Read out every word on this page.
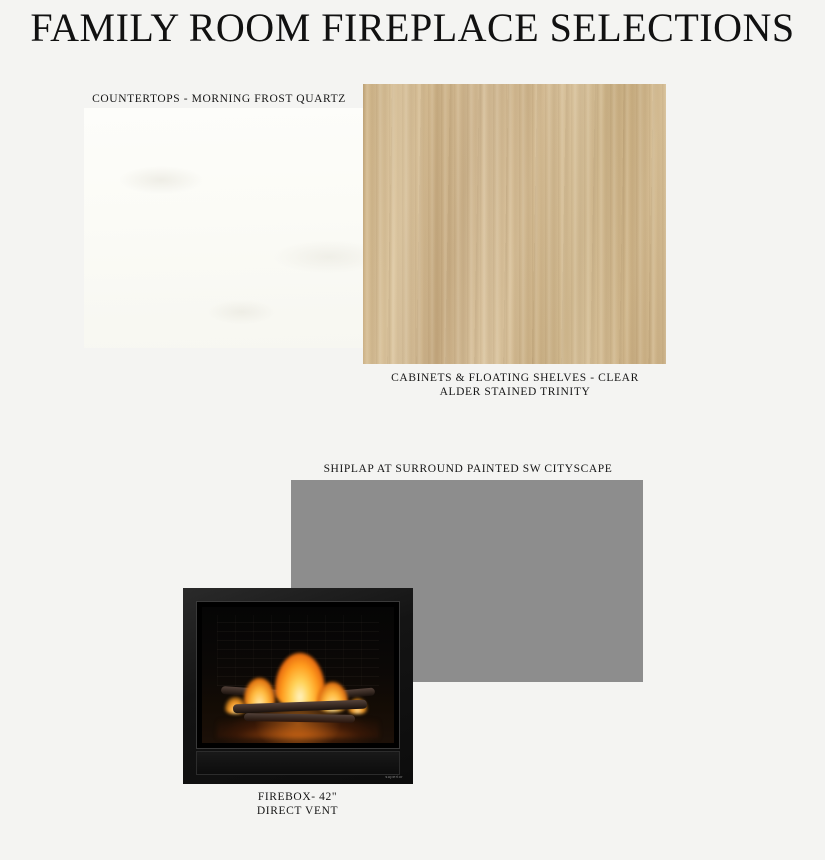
FAMILY ROOM FIREPLACE SELECTIONS
COUNTERTOPS - MORNING FROST QUARTZ
CABINETS & FLOATING SHELVES - CLEAR
ALDER STAINED TRINITY
SHIPLAP AT SURROUND PAINTED SW CITYSCAPE
superior
FIREBOX- 42"
DIRECT VENT
